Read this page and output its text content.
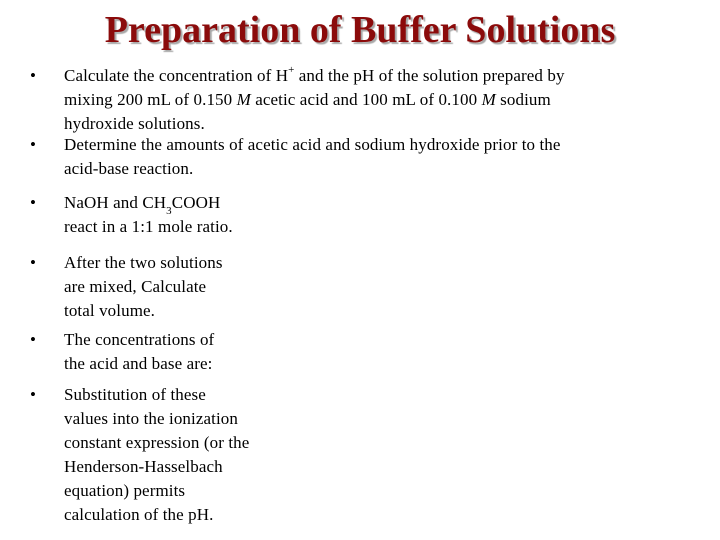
Preparation of Buffer Solutions
•	Calculate the concentration of H+ and the pH of the solution prepared by
mixing 200 mL of 0.150 M acetic acid and 100 mL of 0.100 M sodium
hydroxide solutions.
•	Determine the amounts of acetic acid and sodium hydroxide prior to the
acid-base reaction.
•	NaOH and $CH_3COOH$
react in a 1:1 mole ratio.
•	After the two solutions
are mixed, Calculate
total volume.
•	The concentrations of
the acid and base are:
•	Substitution of these
values into the ionization
constant expression (or the
Henderson-Hasselbach
equation) permits
calculation of the pH.
